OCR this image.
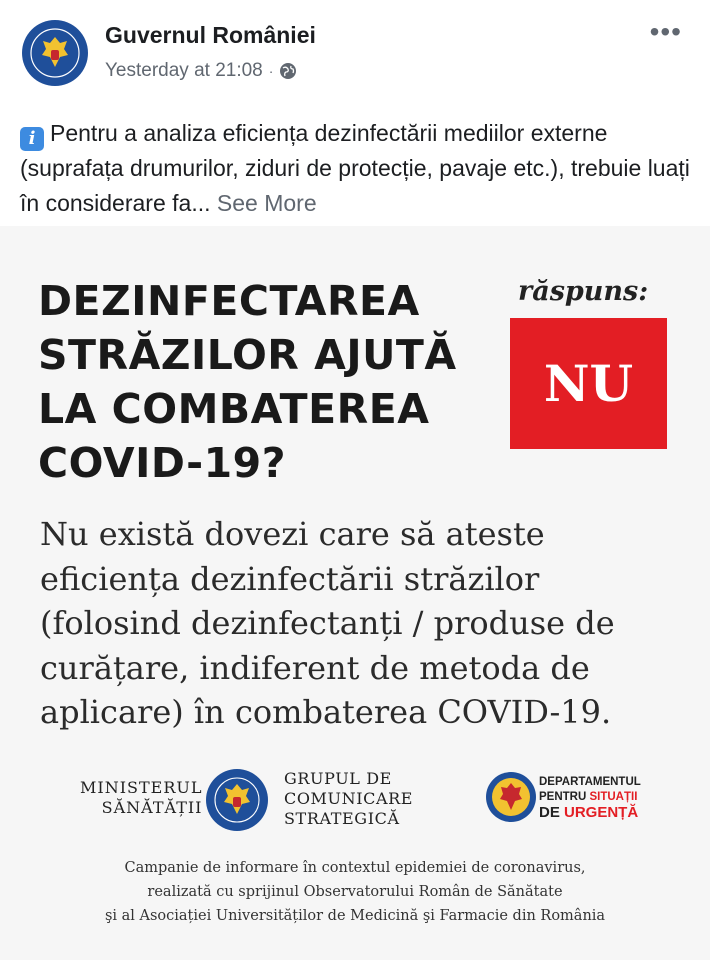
Guvernul României
Yesterday at 21:08 ·
•••
i Pentru a analiza eficiența dezinfectării mediilor externe (suprafața drumurilor, ziduri de protecție, pavaje etc.), trebuie luați în considerare fa... See More
DEZINFECTAREA
STRĂZILOR AJUTĂ
LA COMBATEREA
COVID-19?
răspuns:
NU

Nu există dovezi care să ateste eficiența dezinfectării străzilor (folosind dezinfectanți / produse de curățare, indiferent de metoda de aplicare) în combaterea COVID-19.

MINISTERUL
SĂNĂTĂȚII
GRUPUL DE
COMUNICARE
STRATEGICĂ
DEPARTAMENTUL
PENTRU SITUAȚII
DE URGENȚĂ
Campanie de informare în contextul epidemiei de coronavirus,
realizată cu sprijinul Observatorului Român de Sănătate
şi al Asociației Universităților de Medicină şi Farmacie din România
